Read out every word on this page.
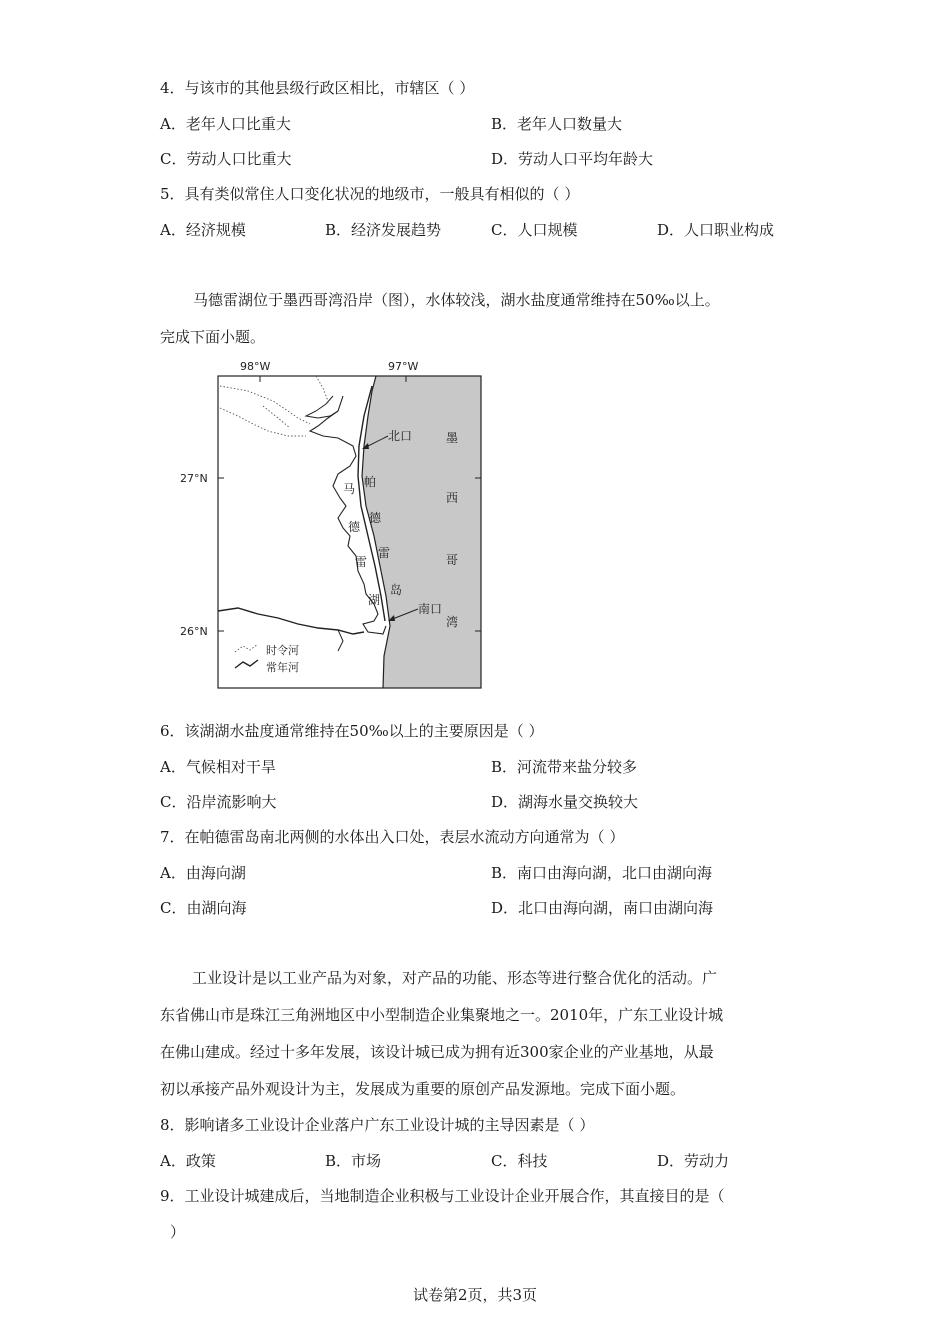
4．与该市的其他县级行政区相比，市辖区（ ）
A．老年人口比重大	B．老年人口数量大
C．劳动人口比重大	D．劳动人口平均年龄大
5．具有类似常住人口变化状况的地级市，一般具有相似的（ ）
A．经济规模	B．经济发展趋势	C．人口规模	D．人口职业构成
马德雷湖位于墨西哥湾沿岸（图），水体较浅，湖水盐度通常维持在50‰以上。
完成下面小题。
98°W	97°W
27°N
26°N
北口
南口
墨
西
哥
湾
马
德
雷
湖
帕
德
雷
岛
时令河
常年河
6．该湖湖水盐度通常维持在50‰以上的主要原因是（ ）
A．气候相对干旱	B．河流带来盐分较多
C．沿岸流影响大	D．湖海水量交换较大
7．在帕德雷岛南北两侧的水体出入口处，表层水流动方向通常为（ ）
A．由海向湖	B．南口由海向湖，北口由湖向海
C．由湖向海	D．北口由海向湖，南口由湖向海

工业设计是以工业产品为对象，对产品的功能、形态等进行整合优化的活动。广

东省佛山市是珠江三角洲地区中小型制造企业集聚地之一。2010年，广东工业设计城

在佛山建成。经过十多年发展，该设计城已成为拥有近300家企业的产业基地，从最

初以承接产品外观设计为主，发展成为重要的原创产品发源地。完成下面小题。

8．影响诸多工业设计企业落户广东工业设计城的主导因素是（ ）
A．政策	B．市场	C．科技	D．劳动力
9．工业设计城建成后，当地制造企业积极与工业设计企业开展合作，其直接目的是（
）
试卷第2页，共3页
